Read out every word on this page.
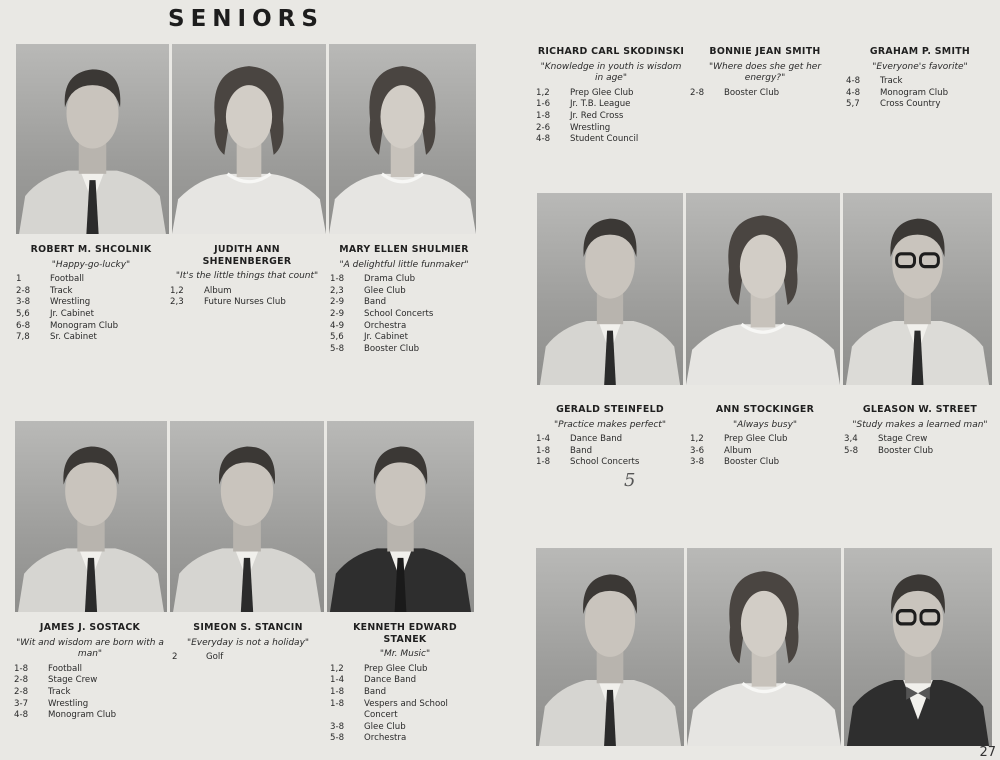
SENIORS
ROBERT M. SHCOLNIK
"Happy-go-lucky"
1	Football
2-8	Track
3-8	Wrestling
5,6	Jr. Cabinet
6-8	Monogram Club
7,8	Sr. Cabinet
JUDITH ANN SHENENBERGER
"It's the little things that count"
1,2	Album
2,3	Future Nurses Club
MARY ELLEN SHULMIER
"A delightful little funmaker"
1-8	Drama Club
2,3	Glee Club
2-9	Band
2-9	School Concerts
4-9	Orchestra
5,6	Jr. Cabinet
5-8	Booster Club
RICHARD CARL SKODINSKI
"Knowledge in youth is wisdom in age"
1,2	Prep Glee Club
1-6	Jr. T.B. League
1-8	Jr. Red Cross
2-6	Wrestling
4-8	Student Council
BONNIE JEAN SMITH
"Where does she get her energy?"
2-8	Booster Club
GRAHAM P. SMITH
"Everyone's favorite"
4-8	Track
4-8	Monogram Club
5,7	Cross Country
GERALD STEINFELD
"Practice makes perfect"
1-4	Dance Band
1-8	Band
1-8	School Concerts
ANN STOCKINGER
"Always busy"
1,2	Prep Glee Club
3-6	Album
3-8	Booster Club
GLEASON W. STREET
"Study makes a learned man"
3,4	Stage Crew
5-8	Booster Club
5
JAMES J. SOSTACK
"Wit and wisdom are born with a man"
1-8	Football
2-8	Stage Crew
2-8	Track
3-7	Wrestling
4-8	Monogram Club
SIMEON S. STANCIN
"Everyday is not a holiday"
2	Golf
KENNETH EDWARD STANEK
"Mr. Music"
1,2	Prep Glee Club
1-4	Dance Band
1-8	Band
1-8	Vespers and School Concert
3-8	Glee Club
5-8	Orchestra
27
